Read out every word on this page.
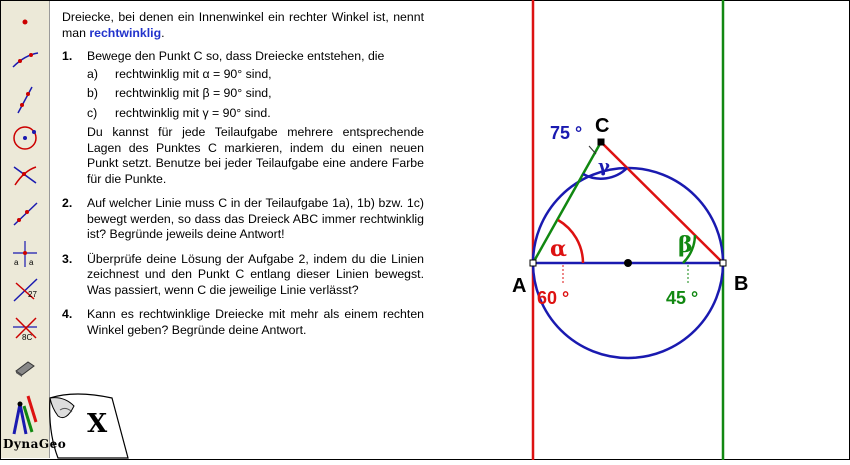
a a
27
8C
X
DynaGeo

Dreiecke, bei denen ein Innenwinkel ein rechter Winkel ist, nennt man rechtwinklig.

1. Bewege den Punkt C so, dass Dreiecke entstehen, die
a)	rechtwinklig mit α = 90° sind,
b)	rechtwinklig mit β = 90° sind,
c)	rechtwinklig mit γ = 90° sind.
Du kannst für jede Teilaufgabe mehrere entsprechende Lagen des Punktes C markieren, indem du einen neuen Punkt setzt. Benutze bei jeder Teilaufgabe eine andere Farbe für die Punkte.
2. Auf welcher Linie muss C in der Teilaufgabe 1a), 1b) bzw. 1c) bewegt werden, so dass das Dreieck ABC immer rechtwinklig ist? Begründe jeweils deine Antwort!
3. Überprüfe deine Lösung der Aufgabe 2, indem du die Linien zeichnest und den Punkt C entlang dieser Linien bewegst. Was passiert, wenn C die jeweilige Linie verlässt?
4. Kann es rechtwinklige Dreiecke mit mehr als einem rechten Winkel geben? Begründe deine Antwort.
A	B
C
α	β
γ
60 °	45 °
75 °
